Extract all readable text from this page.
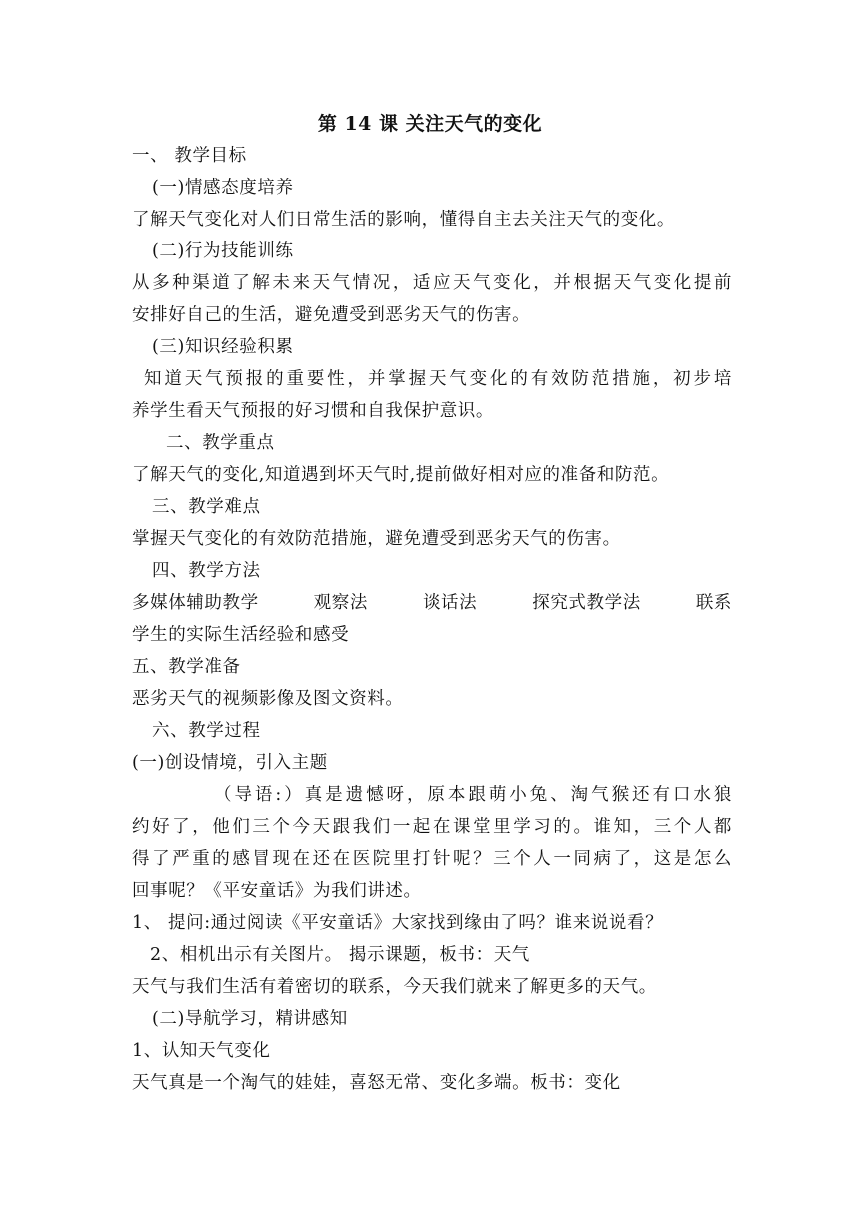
第 14 课 关注天气的变化
一、 教学目标
(一)情感态度培养
了解天气变化对人们日常生活的影响，懂得自主去关注天气的变化。
(二)行为技能训练
从多种渠道了解未来天气情况，适应天气变化，并根据天气变化提前
安排好自己的生活，避免遭受到恶劣天气的伤害。
(三)知识经验积累
知道天气预报的重要性，并掌握天气变化的有效防范措施，初步培
养学生看天气预报的好习惯和自我保护意识。
二、教学重点
了解天气的变化,知道遇到坏天气时,提前做好相对应的准备和防范。
三、教学难点
掌握天气变化的有效防范措施，避免遭受到恶劣天气的伤害。
四、教学方法
多媒体辅助教学	观察法	谈话法	探究式教学法	联系
学生的实际生活经验和感受
五、教学准备
恶劣天气的视频影像及图文资料。
六、教学过程
(一)创设情境，引入主题
（导语:）真是遗憾呀，原本跟萌小兔、淘气猴还有口水狼
约好了，他们三个今天跟我们一起在课堂里学习的。谁知，三个人都
得了严重的感冒现在还在医院里打针呢？三个人一同病了，这是怎么
回事呢？《平安童话》为我们讲述。
1、 提问:通过阅读《平安童话》大家找到缘由了吗？谁来说说看？
2、相机出示有关图片。 揭示课题，板书：天气
天气与我们生活有着密切的联系，今天我们就来了解更多的天气。
(二)导航学习，精讲感知
1、认知天气变化
天气真是一个淘气的娃娃，喜怒无常、变化多端。板书：变化
